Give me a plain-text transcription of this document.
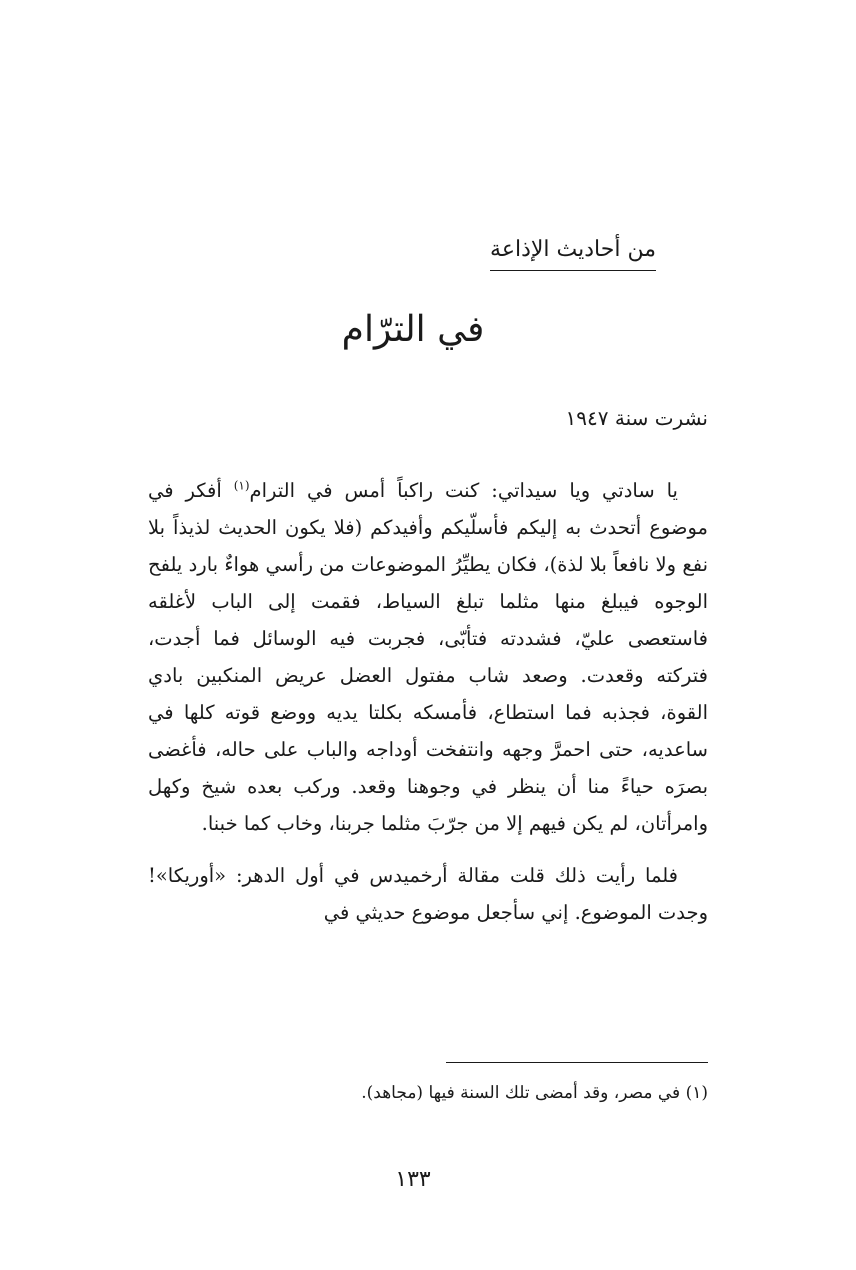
من أحاديث الإذاعة
في الترّام
نشرت سنة ١٩٤٧

يا سادتي ويا سيداتي: كنت راكباً أمس في الترام$^{(١)}$ أفكر في موضوع أتحدث به إليكم فأسلّيكم وأفيدكم (فلا يكون الحديث لذيذاً بلا نفع ولا نافعاً بلا لذة)، فكان يطيِّرُ الموضوعات من رأسي هواءٌ بارد يلفح الوجوه فيبلغ منها مثلما تبلغ السياط، فقمت إلى الباب لأغلقه فاستعصى عليّ، فشددته فتأبّى، فجربت فيه الوسائل فما أجدت، فتركته وقعدت. وصعد شاب مفتول العضل عريض المنكبين بادي القوة، فجذبه فما استطاع، فأمسكه بكلتا يديه ووضع قوته كلها في ساعديه، حتى احمرَّ وجهه وانتفخت أوداجه والباب على حاله، فأغضى بصرَه حياءً منا أن ينظر في وجوهنا وقعد. وركب بعده شيخ وكهل وامرأتان، لم يكن فيهم إلا من جرّبَ مثلما جربنا، وخاب كما خبنا.

فلما رأيت ذلك قلت مقالة أرخميدس في أول الدهر: «أوريكا»! وجدت الموضوع. إني سأجعل موضوع حديثي في

(١) في مصر، وقد أمضى تلك السنة فيها (مجاهد).
١٣٣
